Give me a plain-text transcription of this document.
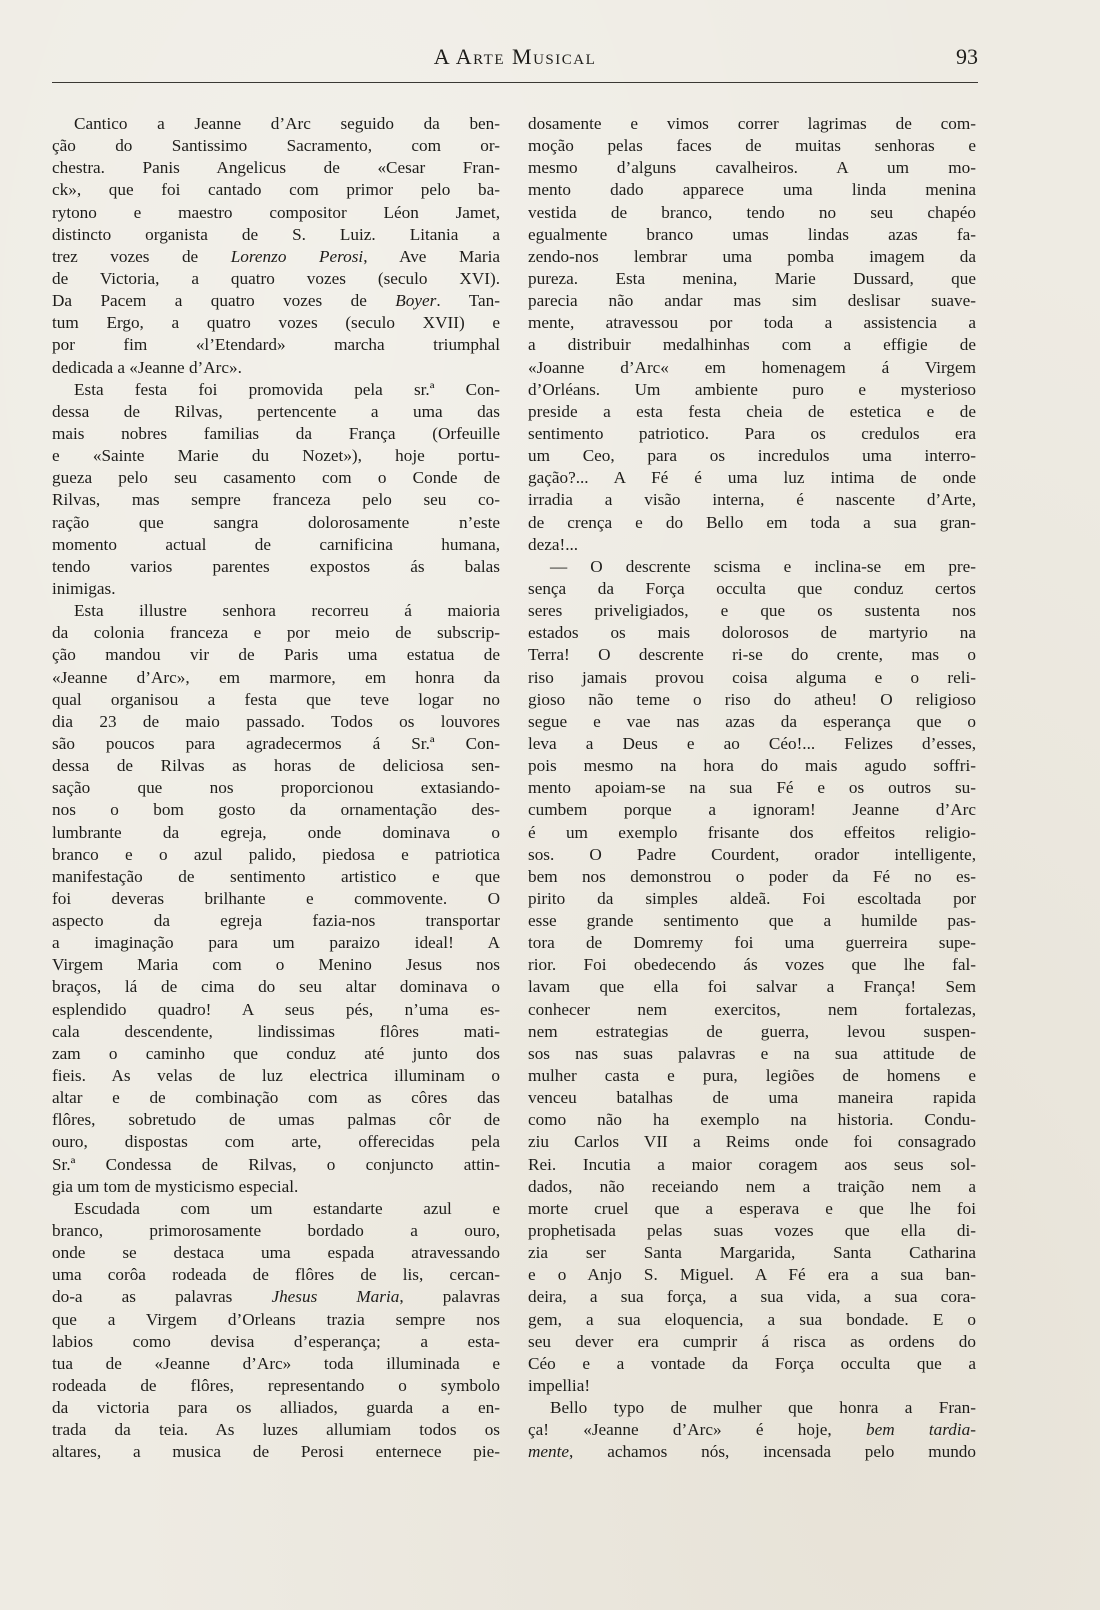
A Arte Musical	93
Cantico a Jeanne d’Arc seguido da ben-
ção do Santissimo Sacramento, com or-
chestra. Panis Angelicus de «Cesar Fran-
ck», que foi cantado com primor pelo ba-
rytono e maestro compositor Léon Jamet,
distincto organista de S. Luiz. Litania a
trez vozes de Lorenzo Perosi, Ave Maria
de Victoria, a quatro vozes (seculo XVI).
Da Pacem a quatro vozes de Boyer. Tan-
tum Ergo, a quatro vozes (seculo XVII) e
por fim «l’Etendard» marcha triumphal
dedicada a «Jeanne d’Arc».
Esta festa foi promovida pela sr.ª Con-
dessa de Rilvas, pertencente a uma das
mais nobres familias da França (Orfeuille
e «Sainte Marie du Nozet»), hoje portu-
gueza pelo seu casamento com o Conde de
Rilvas, mas sempre franceza pelo seu co-
ração que sangra dolorosamente n’este
momento actual de carnificina humana,
tendo varios parentes expostos ás balas
inimigas.
Esta illustre senhora recorreu á maioria
da colonia franceza e por meio de subscrip-
ção mandou vir de Paris uma estatua de
«Jeanne d’Arc», em marmore, em honra da
qual organisou a festa que teve logar no
dia 23 de maio passado. Todos os louvores
são poucos para agradecermos á Sr.ª Con-
dessa de Rilvas as horas de deliciosa sen-
sação que nos proporcionou extasiando-
nos o bom gosto da ornamentação des-
lumbrante da egreja, onde dominava o
branco e o azul palido, piedosa e patriotica
manifestação de sentimento artistico e que
foi deveras brilhante e commovente. O
aspecto da egreja fazia-nos transportar
a imaginação para um paraizo ideal! A
Virgem Maria com o Menino Jesus nos
braços, lá de cima do seu altar dominava o
esplendido quadro! A seus pés, n’uma es-
cala descendente, lindissimas flôres mati-
zam o caminho que conduz até junto dos
fieis. As velas de luz electrica illuminam o
altar e de combinação com as côres das
flôres, sobretudo de umas palmas côr de
ouro, dispostas com arte, offerecidas pela
Sr.ª Condessa de Rilvas, o conjuncto attin-
gia um tom de mysticismo especial.
Escudada com um estandarte azul e
branco, primorosamente bordado a ouro,
onde se destaca uma espada atravessando
uma corôa rodeada de flôres de lis, cercan-
do-a as palavras Jhesus Maria, palavras
que a Virgem d’Orleans trazia sempre nos
labios como devisa d’esperança; a esta-
tua de «Jeanne d’Arc» toda illuminada e
rodeada de flôres, representando o symbolo
da victoria para os alliados, guarda a en-
trada da teia. As luzes allumiam todos os
altares, a musica de Perosi enternece pie-
dosamente e vimos correr lagrimas de com-
moção pelas faces de muitas senhoras e
mesmo d’alguns cavalheiros. A um mo-
mento dado apparece uma linda menina
vestida de branco, tendo no seu chapéo
egualmente branco umas lindas azas fa-
zendo-nos lembrar uma pomba imagem da
pureza. Esta menina, Marie Dussard, que
parecia não andar mas sim deslisar suave-
mente, atravessou por toda a assistencia a
a distribuir medalhinhas com a effigie de
«Joanne d’Arc« em homenagem á Virgem
d’Orléans. Um ambiente puro e mysterioso
preside a esta festa cheia de estetica e de
sentimento patriotico. Para os credulos era
um Ceo, para os incredulos uma interro-
gação?... A Fé é uma luz intima de onde
irradia a visão interna, é nascente d’Arte,
de crença e do Bello em toda a sua gran-
deza!...
— O descrente scisma e inclina-se em pre-
sença da Força occulta que conduz certos
seres priveligiados, e que os sustenta nos
estados os mais dolorosos de martyrio na
Terra! O descrente ri-se do crente, mas o
riso jamais provou coisa alguma e o reli-
gioso não teme o riso do atheu! O religioso
segue e vae nas azas da esperança que o
leva a Deus e ao Céo!... Felizes d’esses,
pois mesmo na hora do mais agudo soffri-
mento apoiam-se na sua Fé e os outros su-
cumbem porque a ignoram! Jeanne d’Arc
é um exemplo frisante dos effeitos religio-
sos. O Padre Courdent, orador intelligente,
bem nos demonstrou o poder da Fé no es-
pirito da simples aldeã. Foi escoltada por
esse grande sentimento que a humilde pas-
tora de Domremy foi uma guerreira supe-
rior. Foi obedecendo ás vozes que lhe fal-
lavam que ella foi salvar a França! Sem
conhecer nem exercitos, nem fortalezas,
nem estrategias de guerra, levou suspen-
sos nas suas palavras e na sua attitude de
mulher casta e pura, legiões de homens e
venceu batalhas de uma maneira rapida
como não ha exemplo na historia. Condu-
ziu Carlos VII a Reims onde foi consagrado
Rei. Incutia a maior coragem aos seus sol-
dados, não receiando nem a traição nem a
morte cruel que a esperava e que lhe foi
prophetisada pelas suas vozes que ella di-
zia ser Santa Margarida, Santa Catharina
e o Anjo S. Miguel. A Fé era a sua ban-
deira, a sua força, a sua vida, a sua cora-
gem, a sua eloquencia, a sua bondade. E o
seu dever era cumprir á risca as ordens do
Céo e a vontade da Força occulta que a
impellia!
Bello typo de mulher que honra a Fran-
ça! «Jeanne d’Arc» é hoje, bem tardia-
mente, achamos nós, incensada pelo mundo
